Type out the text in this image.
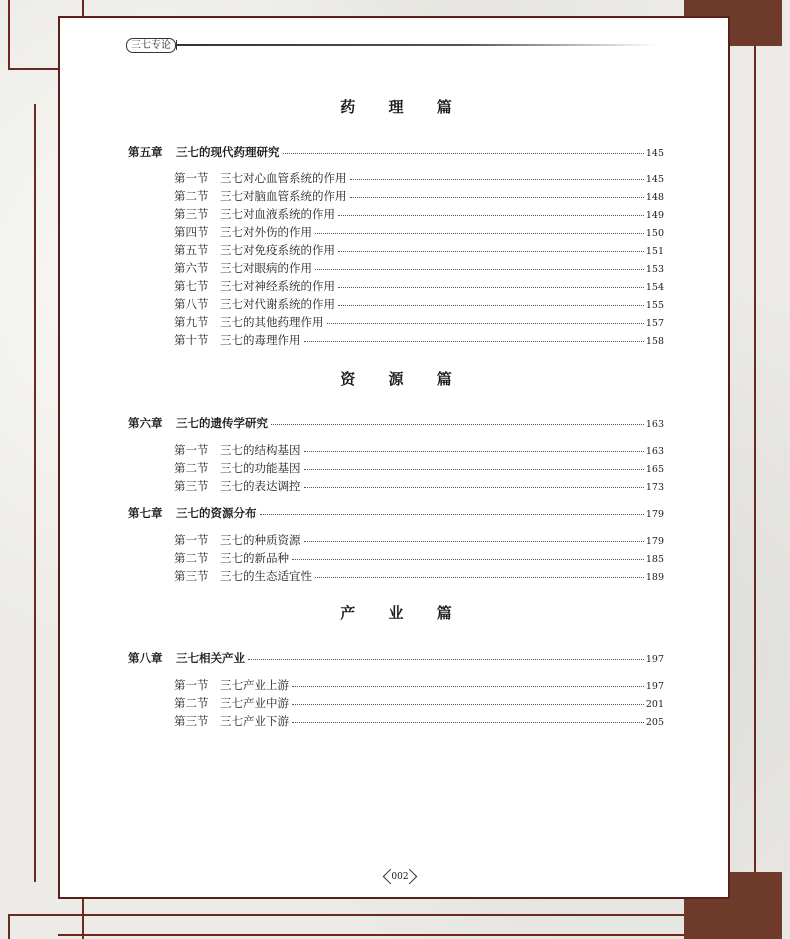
三七专论
药 理 篇
第五章	三七的现代药理研究	145
第一节	三七对心血管系统的作用	145
第二节	三七对脑血管系统的作用	148
第三节	三七对血液系统的作用	149
第四节	三七对外伤的作用	150
第五节	三七对免疫系统的作用	151
第六节	三七对眼病的作用	153
第七节	三七对神经系统的作用	154
第八节	三七对代谢系统的作用	155
第九节	三七的其他药理作用	157
第十节	三七的毒理作用	158
资 源 篇
第六章	三七的遗传学研究	163
第一节	三七的结构基因	163
第二节	三七的功能基因	165
第三节	三七的表达调控	173
第七章	三七的资源分布	179
第一节	三七的种质资源	179
第二节	三七的新品种	185
第三节	三七的生态适宜性	189
产 业 篇
第八章	三七相关产业	197
第一节	三七产业上游	197
第二节	三七产业中游	201
第三节	三七产业下游	205
002
